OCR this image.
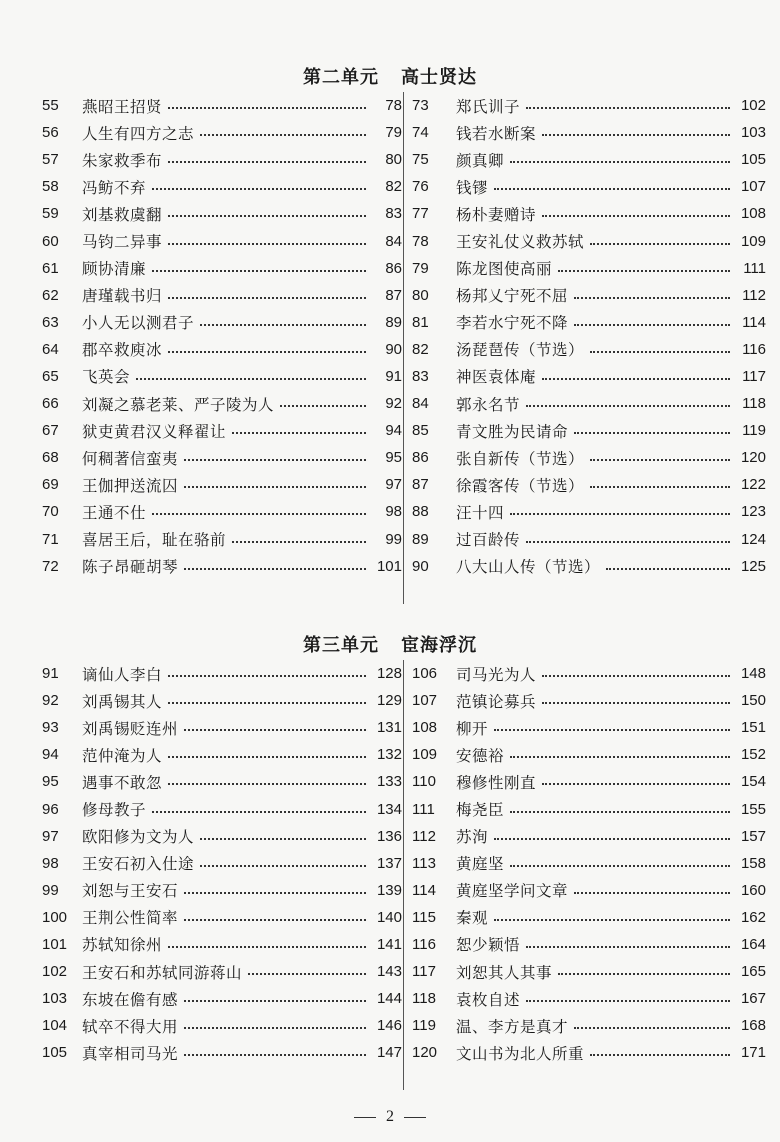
第二单元 高士贤达
55	燕昭王招贤	78
56	人生有四方之志	79
57	朱家救季布	80
58	冯鲂不弃	82
59	刘基救虞翻	83
60	马钧二异事	84
61	顾协清廉	86
62	唐瑾载书归	87
63	小人无以测君子	89
64	郡卒救庾冰	90
65	飞英会	91
66	刘凝之慕老莱、严子陵为人	92
67	狱吏黄君汉义释翟让	94
68	何稠著信蛮夷	95
69	王伽押送流囚	97
70	王通不仕	98
71	喜居王后，耻在骆前	99
72	陈子昂砸胡琴	101
73	郑氏训子	102
74	钱若水断案	103
75	颜真卿	105
76	钱镠	107
77	杨朴妻赠诗	108
78	王安礼仗义救苏轼	109
79	陈龙图使高丽	111
80	杨邦乂宁死不屈	112
81	李若水宁死不降	114
82	汤琵琶传（节选）	116
83	神医袁体庵	117
84	郭永名节	118
85	青文胜为民请命	119
86	张自新传（节选）	120
87	徐霞客传（节选）	122
88	汪十四	123
89	过百龄传	124
90	八大山人传（节选）	125
第三单元 宦海浮沉
91	谪仙人李白	128
92	刘禹锡其人	129
93	刘禹锡贬连州	131
94	范仲淹为人	132
95	遇事不敢忽	133
96	修母教子	134
97	欧阳修为文为人	136
98	王安石初入仕途	137
99	刘恕与王安石	139
100 王荆公性简率	140
101 苏轼知徐州	141
102 王安石和苏轼同游蒋山	143
103 东坡在儋有感	144
104 轼卒不得大用	146
105 真宰相司马光	147
106	司马光为人	148
107	范镇论募兵	150
108	柳开	151
109	安德裕	152
110	穆修性刚直	154
111	梅尧臣	155
112	苏洵	157
113	黄庭坚	158
114	黄庭坚学问文章	160
115	秦观	162
116	恕少颖悟	164
117	刘恕其人其事	165
118	袁枚自述	167
119	温、李方是真才	168
120	文山书为北人所重	171
2
